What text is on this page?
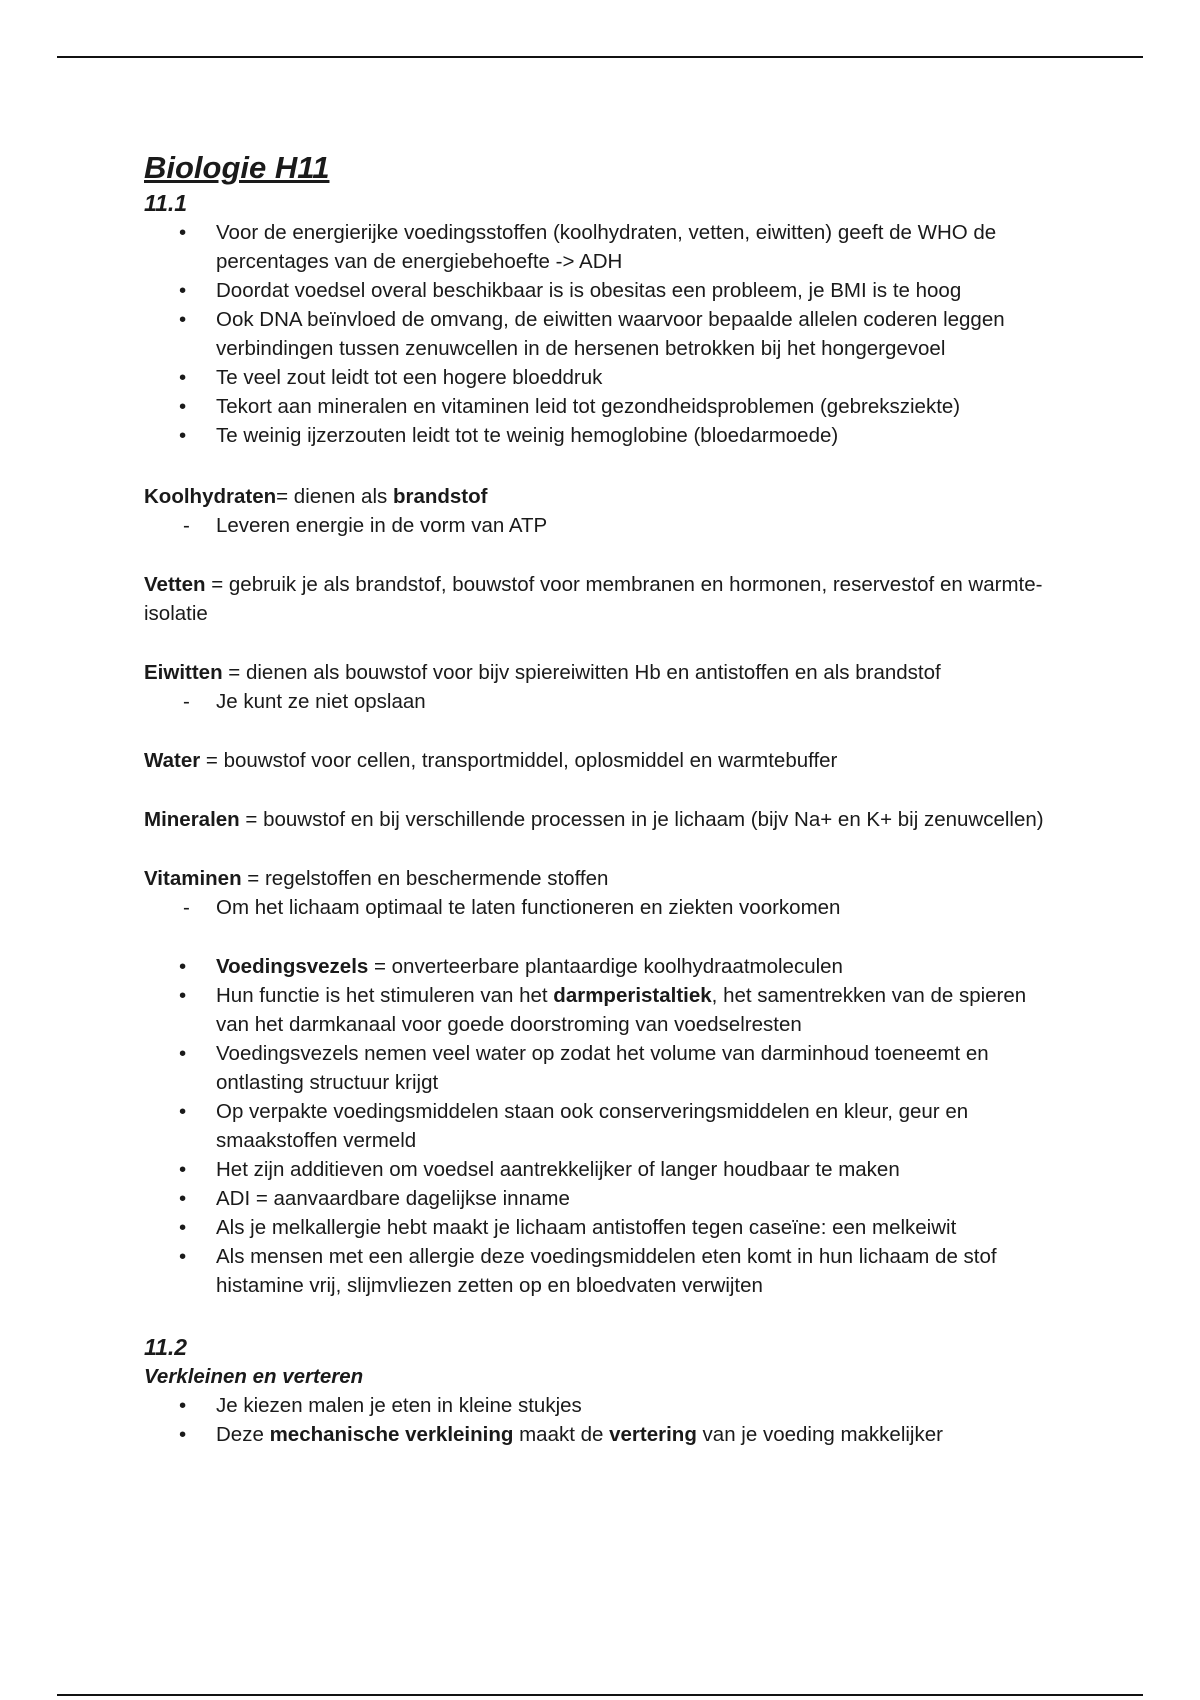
Biologie H11
11.1
• Voor de energierijke voedingsstoffen (koolhydraten, vetten, eiwitten) geeft de WHO de percentages van de energiebehoefte -> ADH
• Doordat voedsel overal beschikbaar is is obesitas een probleem, je BMI is te hoog
• Ook DNA beïnvloed de omvang, de eiwitten waarvoor bepaalde allelen coderen leggen verbindingen tussen zenuwcellen in de hersenen betrokken bij het hongergevoel
• Te veel zout leidt tot een hogere bloeddruk
• Tekort aan mineralen en vitaminen leid tot gezondheidsproblemen (gebreksziekte)
• Te weinig ijzerzouten leidt tot te weinig hemoglobine (bloedarmoede)

Koolhydraten= dienen als brandstof

- Leveren energie in de vorm van ATP

Vetten = gebruik je als brandstof, bouwstof voor membranen en hormonen, reservestof en warmte-isolatie

Eiwitten = dienen als bouwstof voor bijv spiereiwitten Hb en antistoffen en als brandstof

- Je kunt ze niet opslaan

Water = bouwstof voor cellen, transportmiddel, oplosmiddel en warmtebuffer

Mineralen = bouwstof en bij verschillende processen in je lichaam (bijv Na+ en K+ bij zenuwcellen)

Vitaminen = regelstoffen en beschermende stoffen

- Om het lichaam optimaal te laten functioneren en ziekten voorkomen
• Voedingsvezels = onverteerbare plantaardige koolhydraatmoleculen
• Hun functie is het stimuleren van het darmperistaltiek, het samentrekken van de spieren van het darmkanaal voor goede doorstroming van voedselresten
• Voedingsvezels nemen veel water op zodat het volume van darminhoud toeneemt en ontlasting structuur krijgt
• Op verpakte voedingsmiddelen staan ook conserveringsmiddelen en kleur, geur en smaakstoffen vermeld
• Het zijn additieven om voedsel aantrekkelijker of langer houdbaar te maken
• ADI = aanvaardbare dagelijkse inname
• Als je melkallergie hebt maakt je lichaam antistoffen tegen caseïne: een melkeiwit
• Als mensen met een allergie deze voedingsmiddelen eten komt in hun lichaam de stof histamine vrij, slijmvliezen zetten op en bloedvaten verwijten
11.2

Verkleinen en verteren

• Je kiezen malen je eten in kleine stukjes
• Deze mechanische verkleining maakt de vertering van je voeding makkelijker
